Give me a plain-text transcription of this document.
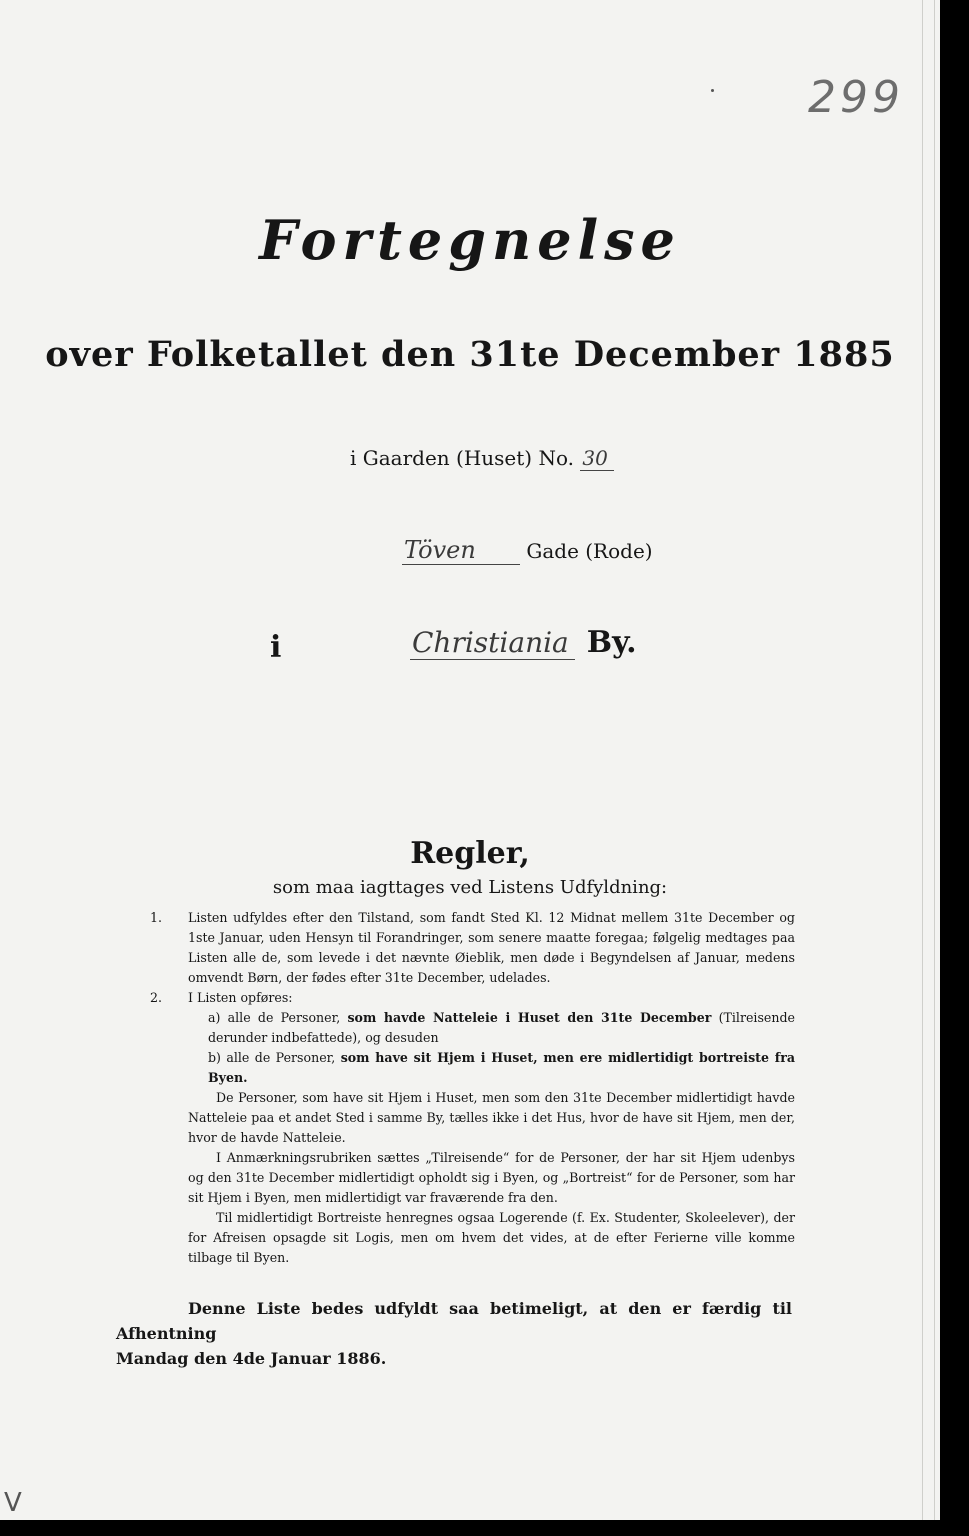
299
Fortegnelse
over Folketallet den 31te December 1885
i Gaarden (Huset) No. 30
Töven	Gade (Rode)
i	Christiania By.
Regler,
som maa iagttages ved Listens Udfyldning:
1. Listen udfyldes efter den Tilstand, som fandt Sted Kl. 12 Midnat mellem 31te December og 1ste Januar, uden Hensyn til Forandringer, som senere maatte foregaa; følgelig medtages paa Listen alle de, som levede i det nævnte Øieblik, men døde i Begyndelsen af Januar, medens omvendt Børn, der fødes efter 31te December, udelades.
2. I Listen opføres:
a) alle de Personer, som havde Natteleie i Huset den 31te December (Tilreisende derunder indbefattede), og desuden
b) alle de Personer, som have sit Hjem i Huset, men ere midlertidigt bortreiste fra Byen.
De Personer, som have sit Hjem i Huset, men som den 31te December midlertidigt havde Natteleie paa et andet Sted i samme By, tælles ikke i det Hus, hvor de have sit Hjem, men der, hvor de havde Natteleie.
I Anmærkningsrubriken sættes „Tilreisende“ for de Personer, der har sit Hjem udenbys og den 31te December midlertidigt opholdt sig i Byen, og „Bortreist“ for de Personer, som har sit Hjem i Byen, men midlertidigt var fraværende fra den.
Til midlertidigt Bortreiste henregnes ogsaa Logerende (f. Ex. Studenter, Skoleelever), der for Afreisen opsagde sit Logis, men om hvem det vides, at de efter Ferierne ville komme tilbage til Byen.
Denne Liste bedes udfyldt saa betimeligt, at den er færdig til Afhentning
Mandag den 4de Januar 1886.
V
